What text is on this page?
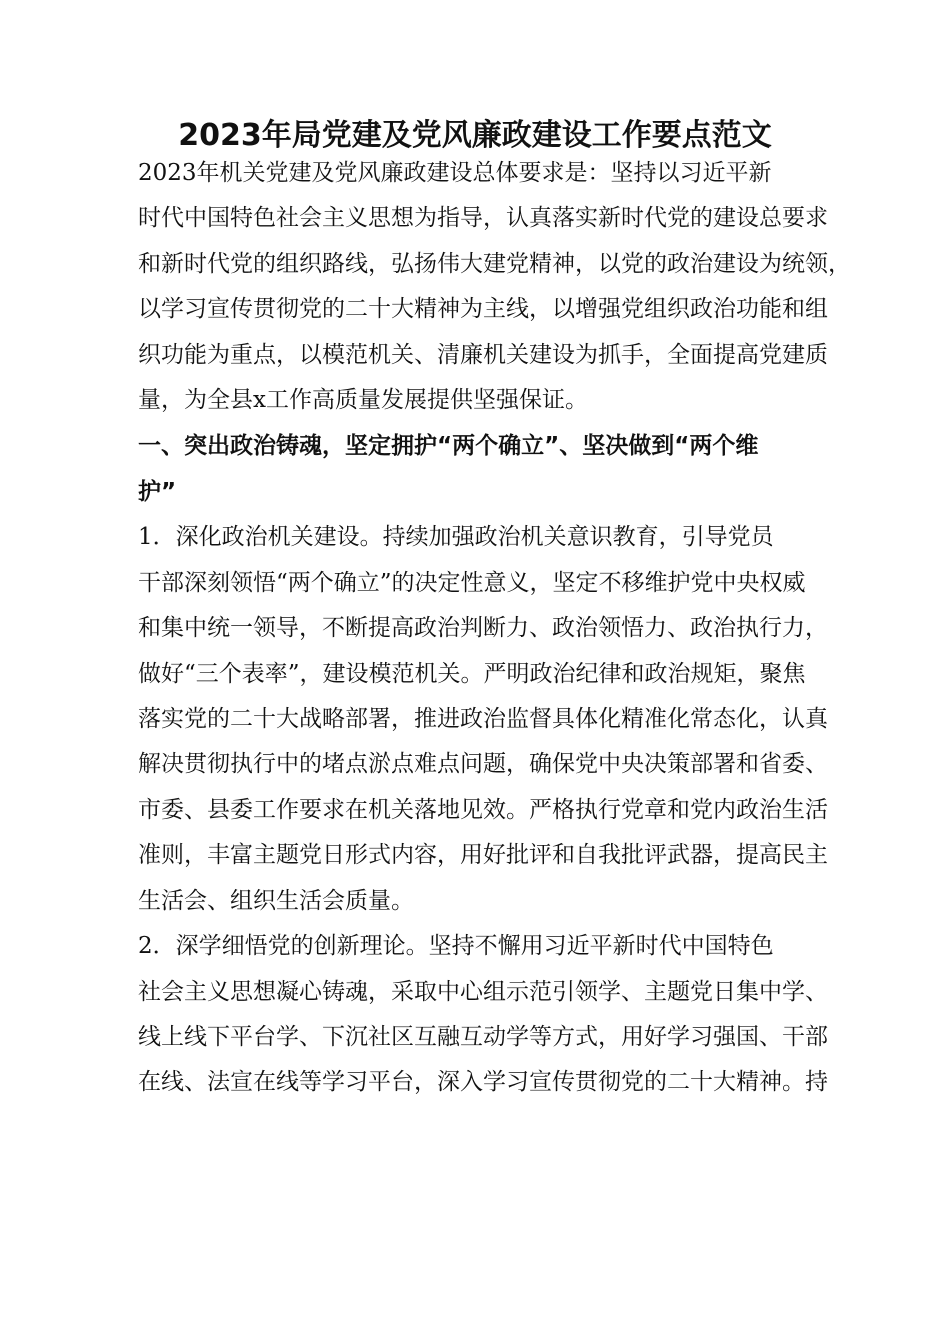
2023年局党建及党风廉政建设工作要点范文

2023年机关党建及党风廉政建设总体要求是：坚持以习近平新
时代中国特色社会主义思想为指导，认真落实新时代党的建设总要求
和新时代党的组织路线，弘扬伟大建党精神，以党的政治建设为统领，
以学习宣传贯彻党的二十大精神为主线，以增强党组织政治功能和组
织功能为重点，以模范机关、清廉机关建设为抓手，全面提高党建质
量，为全县x工作高质量发展提供坚强保证。

一、突出政治铸魂，坚定拥护“两个确立”、坚决做到“两个维
护”

1．深化政治机关建设。持续加强政治机关意识教育，引导党员
干部深刻领悟“两个确立”的决定性意义，坚定不移维护党中央权威
和集中统一领导，不断提高政治判断力、政治领悟力、政治执行力，
做好“三个表率”，建设模范机关。严明政治纪律和政治规矩，聚焦
落实党的二十大战略部署，推进政治监督具体化精准化常态化，认真
解决贯彻执行中的堵点淤点难点问题，确保党中央决策部署和省委、
市委、县委工作要求在机关落地见效。严格执行党章和党内政治生活
准则，丰富主题党日形式内容，用好批评和自我批评武器，提高民主
生活会、组织生活会质量。

2．深学细悟党的创新理论。坚持不懈用习近平新时代中国特色
社会主义思想凝心铸魂，采取中心组示范引领学、主题党日集中学、
线上线下平台学、下沉社区互融互动学等方式，用好学习强国、干部
在线、法宣在线等学习平台，深入学习宣传贯彻党的二十大精神。持
